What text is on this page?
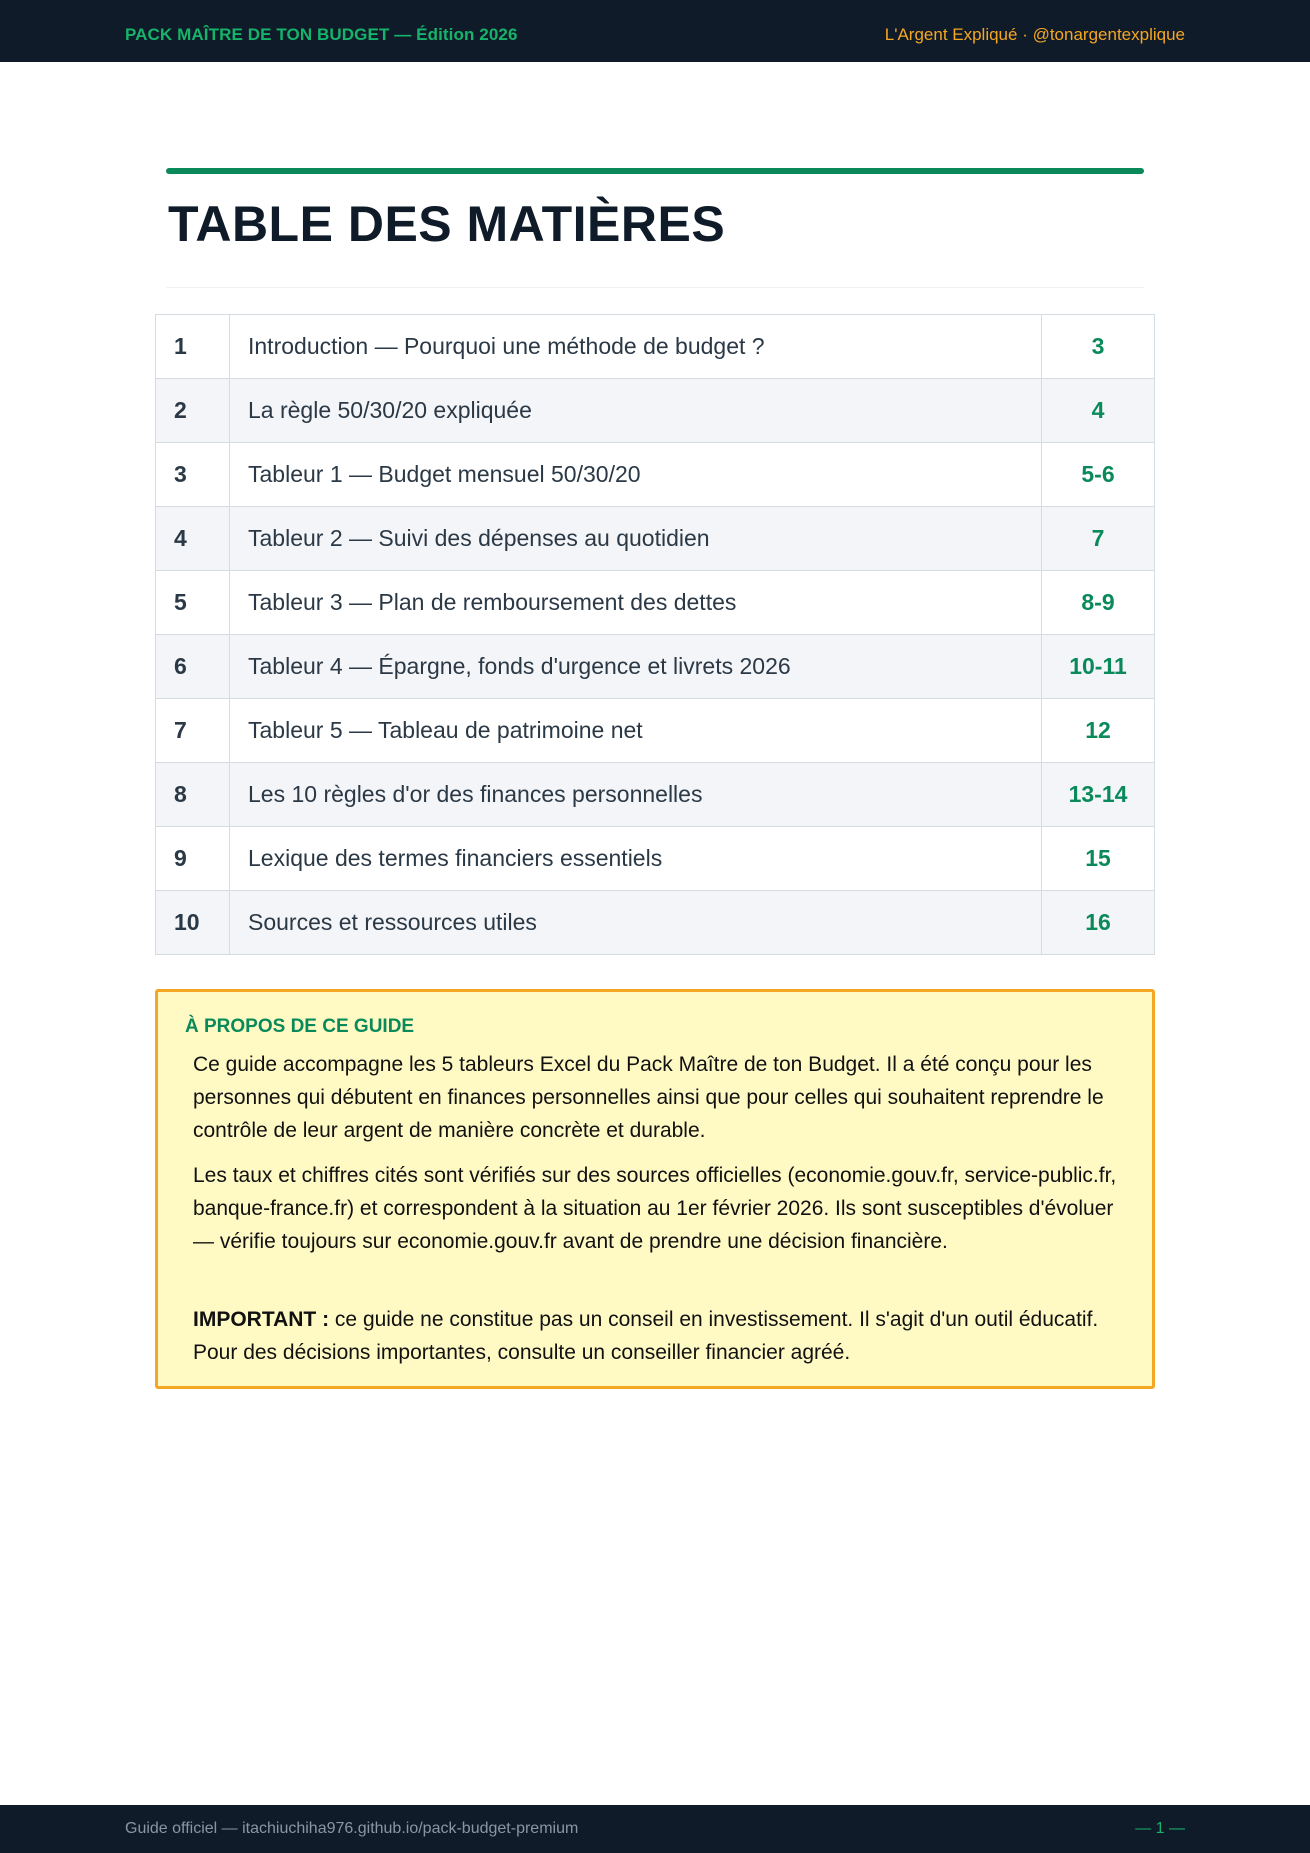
PACK MAÎTRE DE TON BUDGET — Édition 2026	L'Argent Expliqué · @tonargentexplique
TABLE DES MATIÈRES
1	Introduction — Pourquoi une méthode de budget ?	3
2	La règle 50/30/20 expliquée	4
3	Tableur 1 — Budget mensuel 50/30/20	5-6
4	Tableur 2 — Suivi des dépenses au quotidien	7
5	Tableur 3 — Plan de remboursement des dettes	8-9
6	Tableur 4 — Épargne, fonds d'urgence et livrets 2026	10-11
7	Tableur 5 — Tableau de patrimoine net	12
8	Les 10 règles d'or des finances personnelles	13-14
9	Lexique des termes financiers essentiels	15
10	Sources et ressources utiles	16
À PROPOS DE CE GUIDE
Ce guide accompagne les 5 tableurs Excel du Pack Maître de ton Budget. Il a été conçu pour les personnes qui débutent en finances personnelles ainsi que pour celles qui souhaitent reprendre le contrôle de leur argent de manière concrète et durable.
Les taux et chiffres cités sont vérifiés sur des sources officielles (economie.gouv.fr, service-public.fr, banque-france.fr) et correspondent à la situation au 1er février 2026. Ils sont susceptibles d'évoluer — vérifie toujours sur economie.gouv.fr avant de prendre une décision financière.
IMPORTANT : ce guide ne constitue pas un conseil en investissement. Il s'agit d'un outil éducatif. Pour des décisions importantes, consulte un conseiller financier agréé.
Guide officiel — itachiuchiha976.github.io/pack-budget-premium	— 1 —
